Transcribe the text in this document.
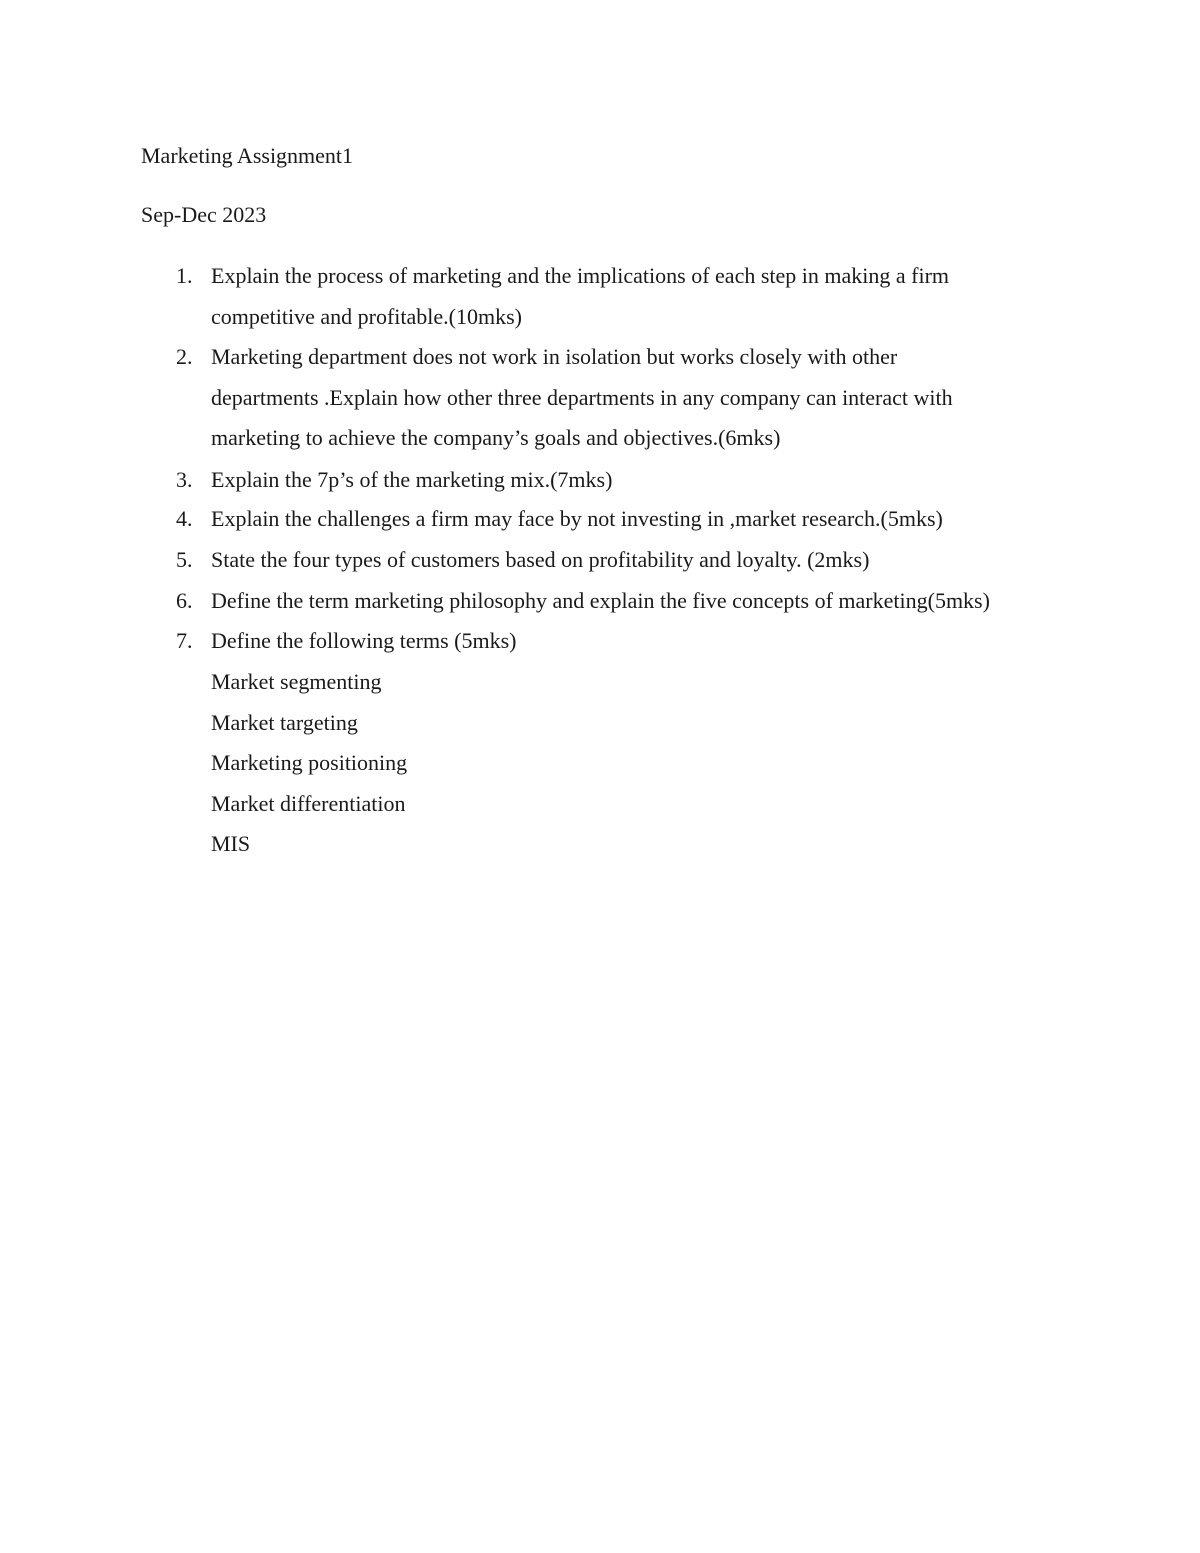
Marketing Assignment1
Sep-Dec 2023
1. Explain the process of marketing and the implications of each step in making a firm
competitive and profitable.(10mks)
2. Marketing department does not work in isolation but works closely with other
departments .Explain how other three departments in any company can interact with
marketing to achieve the company’s goals and objectives.(6mks)
3. Explain the 7p’s of the marketing mix.(7mks)
4. Explain the challenges a firm may face by not investing in ,market research.(5mks)
5. State the four types of customers based on profitability and loyalty. (2mks)
6. Define the term marketing philosophy and explain the five concepts of marketing(5mks)
7. Define the following terms (5mks)
Market segmenting
Market targeting
Marketing positioning
Market differentiation
MIS
